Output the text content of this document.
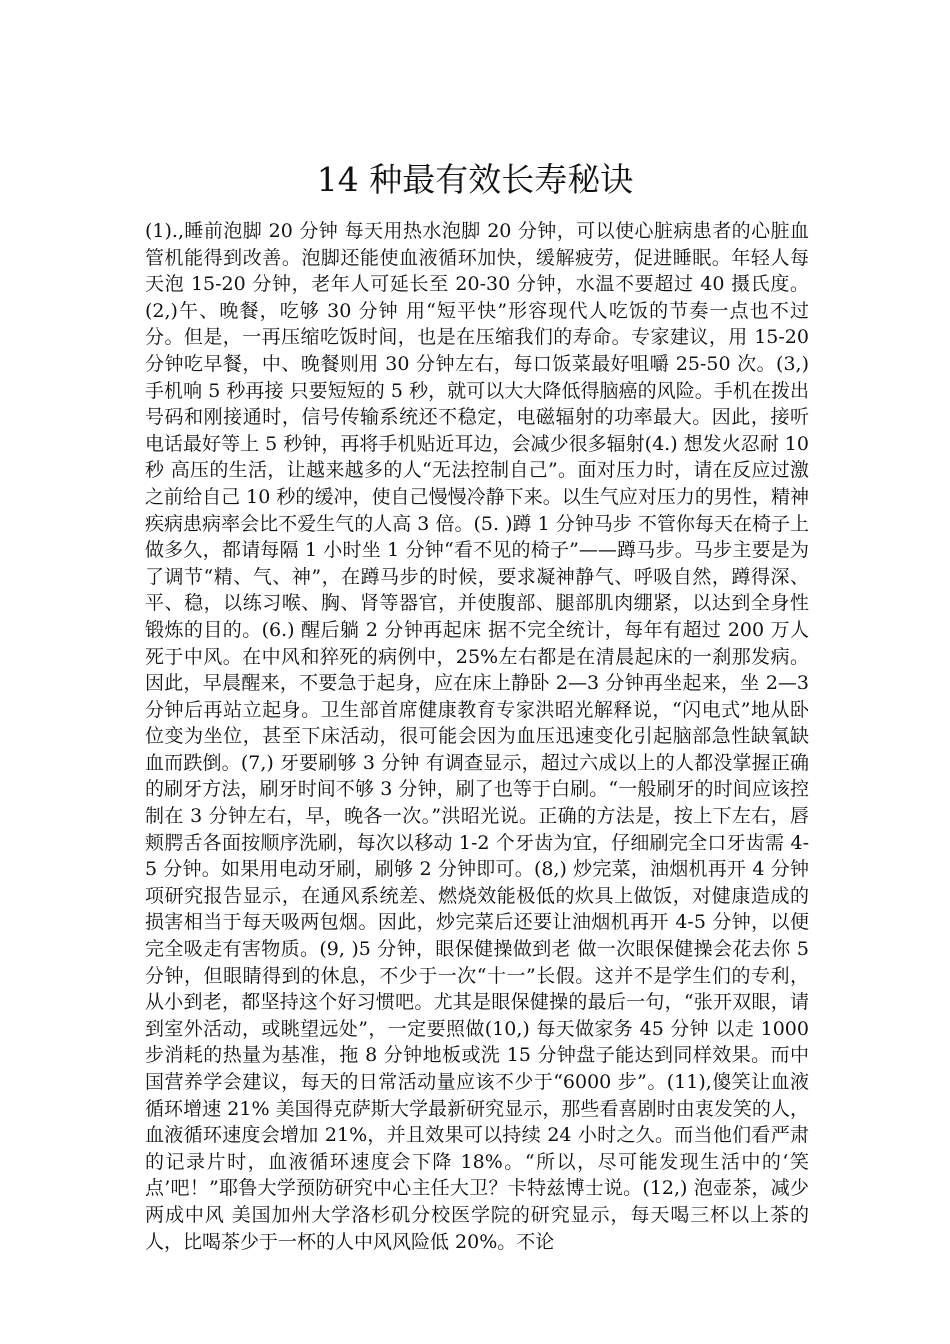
14 种最有效长寿秘诀

(1).,睡前泡脚 20 分钟 每天用热水泡脚 20 分钟，可以使心脏病患者的心脏血管机能得到改善。泡脚还能使血液循环加快，缓解疲劳，促进睡眠。年轻人每天泡 15-20 分钟，老年人可延长至 20-30 分钟，水温不要超过 40 摄氏度。(2,)午、晚餐，吃够 30 分钟 用“短平快”形容现代人吃饭的节奏一点也不过分。但是，一再压缩吃饭时间，也是在压缩我们的寿命。专家建议，用 15-20 分钟吃早餐，中、晚餐则用 30 分钟左右，每口饭菜最好咀嚼 25-50 次。(3,) 手机响 5 秒再接 只要短短的 5 秒，就可以大大降低得脑癌的风险。手机在拨出号码和刚接通时，信号传输系统还不稳定，电磁辐射的功率最大。因此，接听电话最好等上 5 秒钟，再将手机贴近耳边，会减少很多辐射(4.) 想发火忍耐 10 秒 高压的生活，让越来越多的人“无法控制自己”。面对压力时，请在反应过激之前给自己 10 秒的缓冲，使自己慢慢冷静下来。以生气应对压力的男性，精神疾病患病率会比不爱生气的人高 3 倍。(5. )蹲 1 分钟马步 不管你每天在椅子上做多久，都请每隔 1 小时坐 1 分钟“看不见的椅子”——蹲马步。马步主要是为了调节“精、气、神”，在蹲马步的时候，要求凝神静气、呼吸自然，蹲得深、平、稳，以练习喉、胸、肾等器官，并使腹部、腿部肌肉绷紧，以达到全身性锻炼的目的。(6.) 醒后躺 2 分钟再起床 据不完全统计，每年有超过 200 万人死于中风。在中风和猝死的病例中，25%左右都是在清晨起床的一刹那发病。因此，早晨醒来，不要急于起身，应在床上静卧 2—3 分钟再坐起来，坐 2—3 分钟后再站立起身。卫生部首席健康教育专家洪昭光解释说，“闪电式”地从卧位变为坐位，甚至下床活动，很可能会因为血压迅速变化引起脑部急性缺氧缺血而跌倒。(7,) 牙要刷够 3 分钟 有调查显示，超过六成以上的人都没掌握正确的刷牙方法，刷牙时间不够 3 分钟，刷了也等于白刷。“一般刷牙的时间应该控制在 3 分钟左右，早，晚各一次。”洪昭光说。正确的方法是，按上下左右，唇颊腭舌各面按顺序洗刷，每次以移动 1-2 个牙齿为宜，仔细刷完全口牙齿需 4-5 分钟。如果用电动牙刷，刷够 2 分钟即可。(8,) 炒完菜，油烟机再开 4 分钟 项研究报告显示，在通风系统差、燃烧效能极低的炊具上做饭，对健康造成的损害相当于每天吸两包烟。因此，炒完菜后还要让油烟机再开 4-5 分钟，以便完全吸走有害物质。(9, )5 分钟，眼保健操做到老 做一次眼保健操会花去你 5 分钟，但眼睛得到的休息，不少于一次“十一”长假。这并不是学生们的专利，从小到老，都坚持这个好习惯吧。尤其是眼保健操的最后一句，“张开双眼，请到室外活动，或眺望远处”，一定要照做(10,) 每天做家务 45 分钟 以走 1000 步消耗的热量为基准，拖 8 分钟地板或洗 15 分钟盘子能达到同样效果。而中国营养学会建议，每天的日常活动量应该不少于“6000 步”。(11),傻笑让血液循环增速 21% 美国得克萨斯大学最新研究显示，那些看喜剧时由衷发笑的人，血液循环速度会增加 21%，并且效果可以持续 24 小时之久。而当他们看严肃的记录片时，血液循环速度会下降 18%。“所以，尽可能发现生活中的‘笑点’吧！”耶鲁大学预防研究中心主任大卫？卡特兹博士说。(12,) 泡壶茶，减少两成中风 美国加州大学洛杉矶分校医学院的研究显示，每天喝三杯以上茶的人，比喝茶少于一杯的人中风风险低 20%。不论
